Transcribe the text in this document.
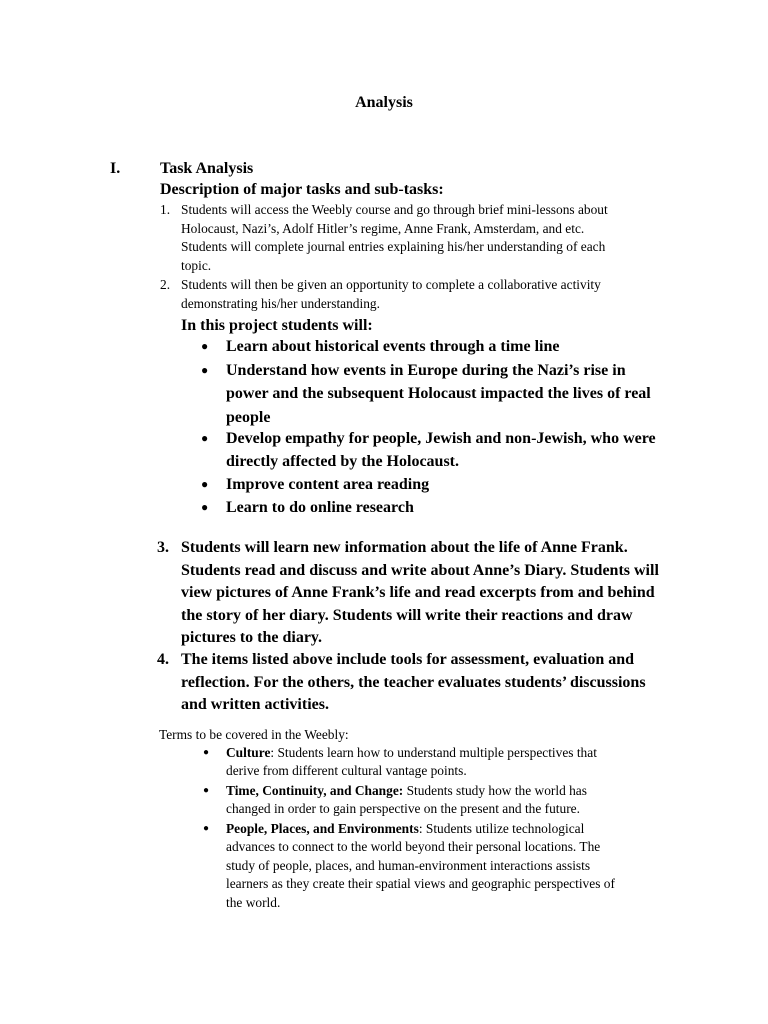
Analysis
I. Task Analysis
Description of major tasks and sub-tasks:
1. Students will access the Weebly course and go through brief mini-lessons about
Holocaust, Nazi’s, Adolf Hitler’s regime, Anne Frank, Amsterdam, and etc.
Students will complete journal entries explaining his/her understanding of each
topic.
2. Students will then be given an opportunity to complete a collaborative activity
demonstrating his/her understanding.
In this project students will:
●	Learn about historical events through a time line
●	Understand how events in Europe during the Nazi’s rise in
power and the subsequent Holocaust impacted the lives of real
people
●	Develop empathy for people, Jewish and non-Jewish, who were
directly affected by the Holocaust.
●	Improve content area reading
●	Learn to do online research
3. Students will learn new information about the life of Anne Frank.
Students read and discuss and write about Anne’s Diary. Students will
view pictures of Anne Frank’s life and read excerpts from and behind
the story of her diary. Students will write their reactions and draw
pictures to the diary.
4. The items listed above include tools for assessment, evaluation and
reflection. For the others, the teacher evaluates students’ discussions
and written activities.
Terms to be covered in the Weebly:
●	Culture: Students learn how to understand multiple perspectives that
derive from different cultural vantage points.
●	Time, Continuity, and Change: Students study how the world has
changed in order to gain perspective on the present and the future.
●	People, Places, and Environments: Students utilize technological
advances to connect to the world beyond their personal locations. The
study of people, places, and human-environment interactions assists
learners as they create their spatial views and geographic perspectives of
the world.
